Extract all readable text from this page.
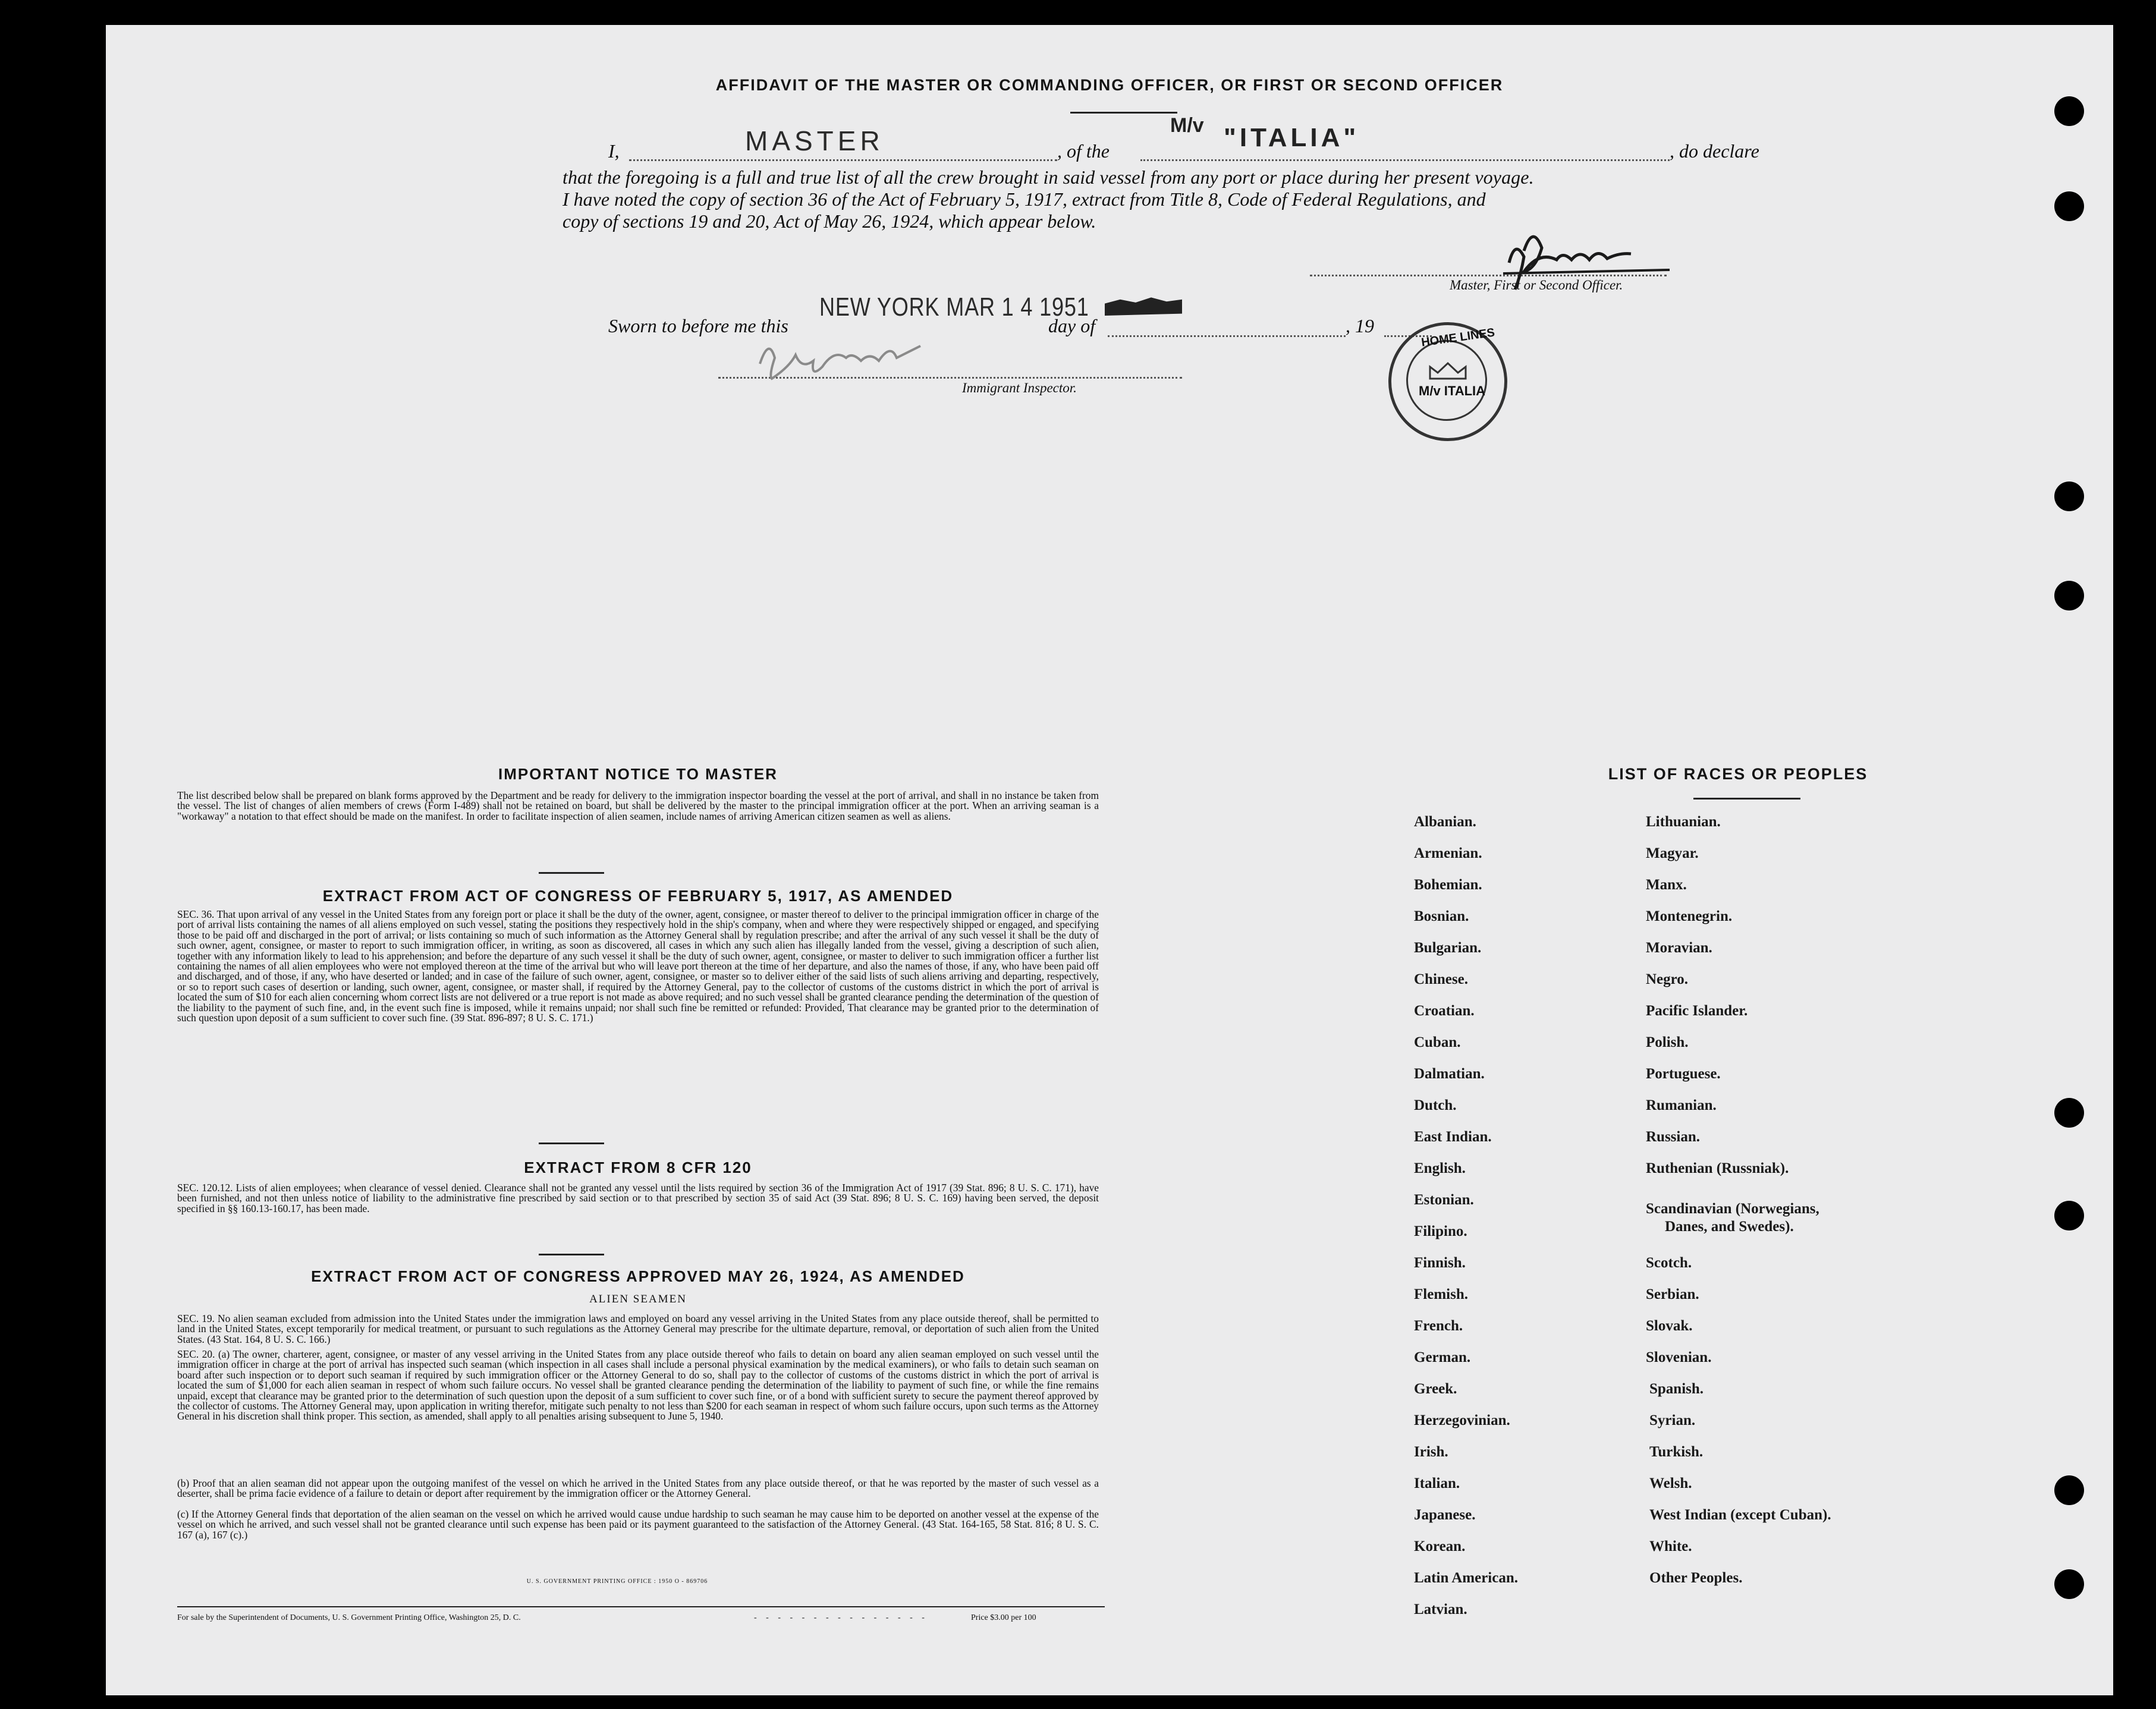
AFFIDAVIT OF THE MASTER OR COMMANDING OFFICER, OR FIRST OR SECOND OFFICER
I,	MASTER	, of the
M/v "ITALIA"	, do declare
that the foregoing is a full and true list of all the crew brought in said vessel from any port or place during her present voyage.
I have noted the copy of section 36 of the Act of February 5, 1917, extract from Title 8, Code of Federal Regulations, and
copy of sections 19 and 20, Act of May 26, 1924, which appear below.
Master, First or Second Officer.
Sworn to before me this
NEW YORK MAR 1 4 1951
day of	, 19
Immigrant Inspector.
HOME LINES
M/v ITALIA
IMPORTANT NOTICE TO MASTER
The list described below shall be prepared on blank forms approved by the Department and be ready for delivery to the immigration inspector boarding the vessel at the port of arrival, and shall in no instance be taken from the vessel. The list of changes of alien members of crews (Form I-489) shall not be retained on board, but shall be delivered by the master to the principal immigration officer at the port. When an arriving seaman is a "workaway" a notation to that effect should be made on the manifest. In order to facilitate inspection of alien seamen, include names of arriving American citizen seamen as well as aliens.
EXTRACT FROM ACT OF CONGRESS OF FEBRUARY 5, 1917, AS AMENDED
SEC. 36. That upon arrival of any vessel in the United States from any foreign port or place it shall be the duty of the owner, agent, consignee, or master thereof to deliver to the principal immigration officer in charge of the port of arrival lists containing the names of all aliens employed on such vessel, stating the positions they respectively hold in the ship's company, when and where they were respectively shipped or engaged, and specifying those to be paid off and discharged in the port of arrival; or lists containing so much of such information as the Attorney General shall by regulation prescribe; and after the arrival of any such vessel it shall be the duty of such owner, agent, consignee, or master to report to such immigration officer, in writing, as soon as discovered, all cases in which any such alien has illegally landed from the vessel, giving a description of such alien, together with any information likely to lead to his apprehension; and before the departure of any such vessel it shall be the duty of such owner, agent, consignee, or master to deliver to such immigration officer a further list containing the names of all alien employees who were not employed thereon at the time of the arrival but who will leave port thereon at the time of her departure, and also the names of those, if any, who have been paid off and discharged, and of those, if any, who have deserted or landed; and in case of the failure of such owner, agent, consignee, or master so to deliver either of the said lists of such aliens arriving and departing, respectively, or so to report such cases of desertion or landing, such owner, agent, consignee, or master shall, if required by the Attorney General, pay to the collector of customs of the customs district in which the port of arrival is located the sum of $10 for each alien concerning whom correct lists are not delivered or a true report is not made as above required; and no such vessel shall be granted clearance pending the determination of the question of the liability to the payment of such fine, and, in the event such fine is imposed, while it remains unpaid; nor shall such fine be remitted or refunded: Provided, That clearance may be granted prior to the determination of such question upon deposit of a sum sufficient to cover such fine. (39 Stat. 896-897; 8 U. S. C. 171.)
EXTRACT FROM 8 CFR 120
SEC. 120.12. Lists of alien employees; when clearance of vessel denied. Clearance shall not be granted any vessel until the lists required by section 36 of the Immigration Act of 1917 (39 Stat. 896; 8 U. S. C. 171), have been furnished, and not then unless notice of liability to the administrative fine prescribed by said section or to that prescribed by section 35 of said Act (39 Stat. 896; 8 U. S. C. 169) having been served, the deposit specified in §§ 160.13-160.17, has been made.
EXTRACT FROM ACT OF CONGRESS APPROVED MAY 26, 1924, AS AMENDED
ALIEN SEAMEN
SEC. 19. No alien seaman excluded from admission into the United States under the immigration laws and employed on board any vessel arriving in the United States from any place outside thereof, shall be permitted to land in the United States, except temporarily for medical treatment, or pursuant to such regulations as the Attorney General may prescribe for the ultimate departure, removal, or deportation of such alien from the United States. (43 Stat. 164, 8 U. S. C. 166.)
SEC. 20. (a) The owner, charterer, agent, consignee, or master of any vessel arriving in the United States from any place outside thereof who fails to detain on board any alien seaman employed on such vessel until the immigration officer in charge at the port of arrival has inspected such seaman (which inspection in all cases shall include a personal physical examination by the medical examiners), or who fails to detain such seaman on board after such inspection or to deport such seaman if required by such immigration officer or the Attorney General to do so, shall pay to the collector of customs of the customs district in which the port of arrival is located the sum of $1,000 for each alien seaman in respect of whom such failure occurs. No vessel shall be granted clearance pending the determination of the liability to payment of such fine, or while the fine remains unpaid, except that clearance may be granted prior to the determination of such question upon the deposit of a sum sufficient to cover such fine, or of a bond with sufficient surety to secure the payment thereof approved by the collector of customs. The Attorney General may, upon application in writing therefor, mitigate such penalty to not less than $200 for each seaman in respect of whom such failure occurs, upon such terms as the Attorney General in his discretion shall think proper. This section, as amended, shall apply to all penalties arising subsequent to June 5, 1940.
(b) Proof that an alien seaman did not appear upon the outgoing manifest of the vessel on which he arrived in the United States from any place outside thereof, or that he was reported by the master of such vessel as a deserter, shall be prima facie evidence of a failure to detain or deport after requirement by the immigration officer or the Attorney General.
(c) If the Attorney General finds that deportation of the alien seaman on the vessel on which he arrived would cause undue hardship to such seaman he may cause him to be deported on another vessel at the expense of the vessel on which he arrived, and such vessel shall not be granted clearance until such expense has been paid or its payment guaranteed to the satisfaction of the Attorney General. (43 Stat. 164-165, 58 Stat. 816; 8 U. S. C. 167 (a), 167 (c).)
U. S. GOVERNMENT PRINTING OFFICE : 1950 O - 869706
For sale by the Superintendent of Documents, U. S. Government Printing Office, Washington 25, D. C.	- - - - - - - - - - - - - - -	Price $3.00 per 100
LIST OF RACES OR PEOPLES
Albanian.
Armenian.
Bohemian.
Bosnian.
Bulgarian.
Chinese.
Croatian.
Cuban.
Dalmatian.
Dutch.
East Indian.
English.
Estonian.
Filipino.
Finnish.
Flemish.
French.
German.
Greek.
Herzegovinian.
Irish.
Italian.
Japanese.
Korean.
Latin American.
Latvian.
Lithuanian.
Magyar.
Manx.
Montenegrin.
Moravian.
Negro.
Pacific Islander.
Polish.
Portuguese.
Rumanian.
Russian.
Ruthenian (Russniak).
Scandinavian (Norwegians,
Danes, and Swedes).
Scotch.
Serbian.
Slovak.
Slovenian.
Spanish.
Syrian.
Turkish.
Welsh.
West Indian (except Cuban).
White.
Other Peoples.
